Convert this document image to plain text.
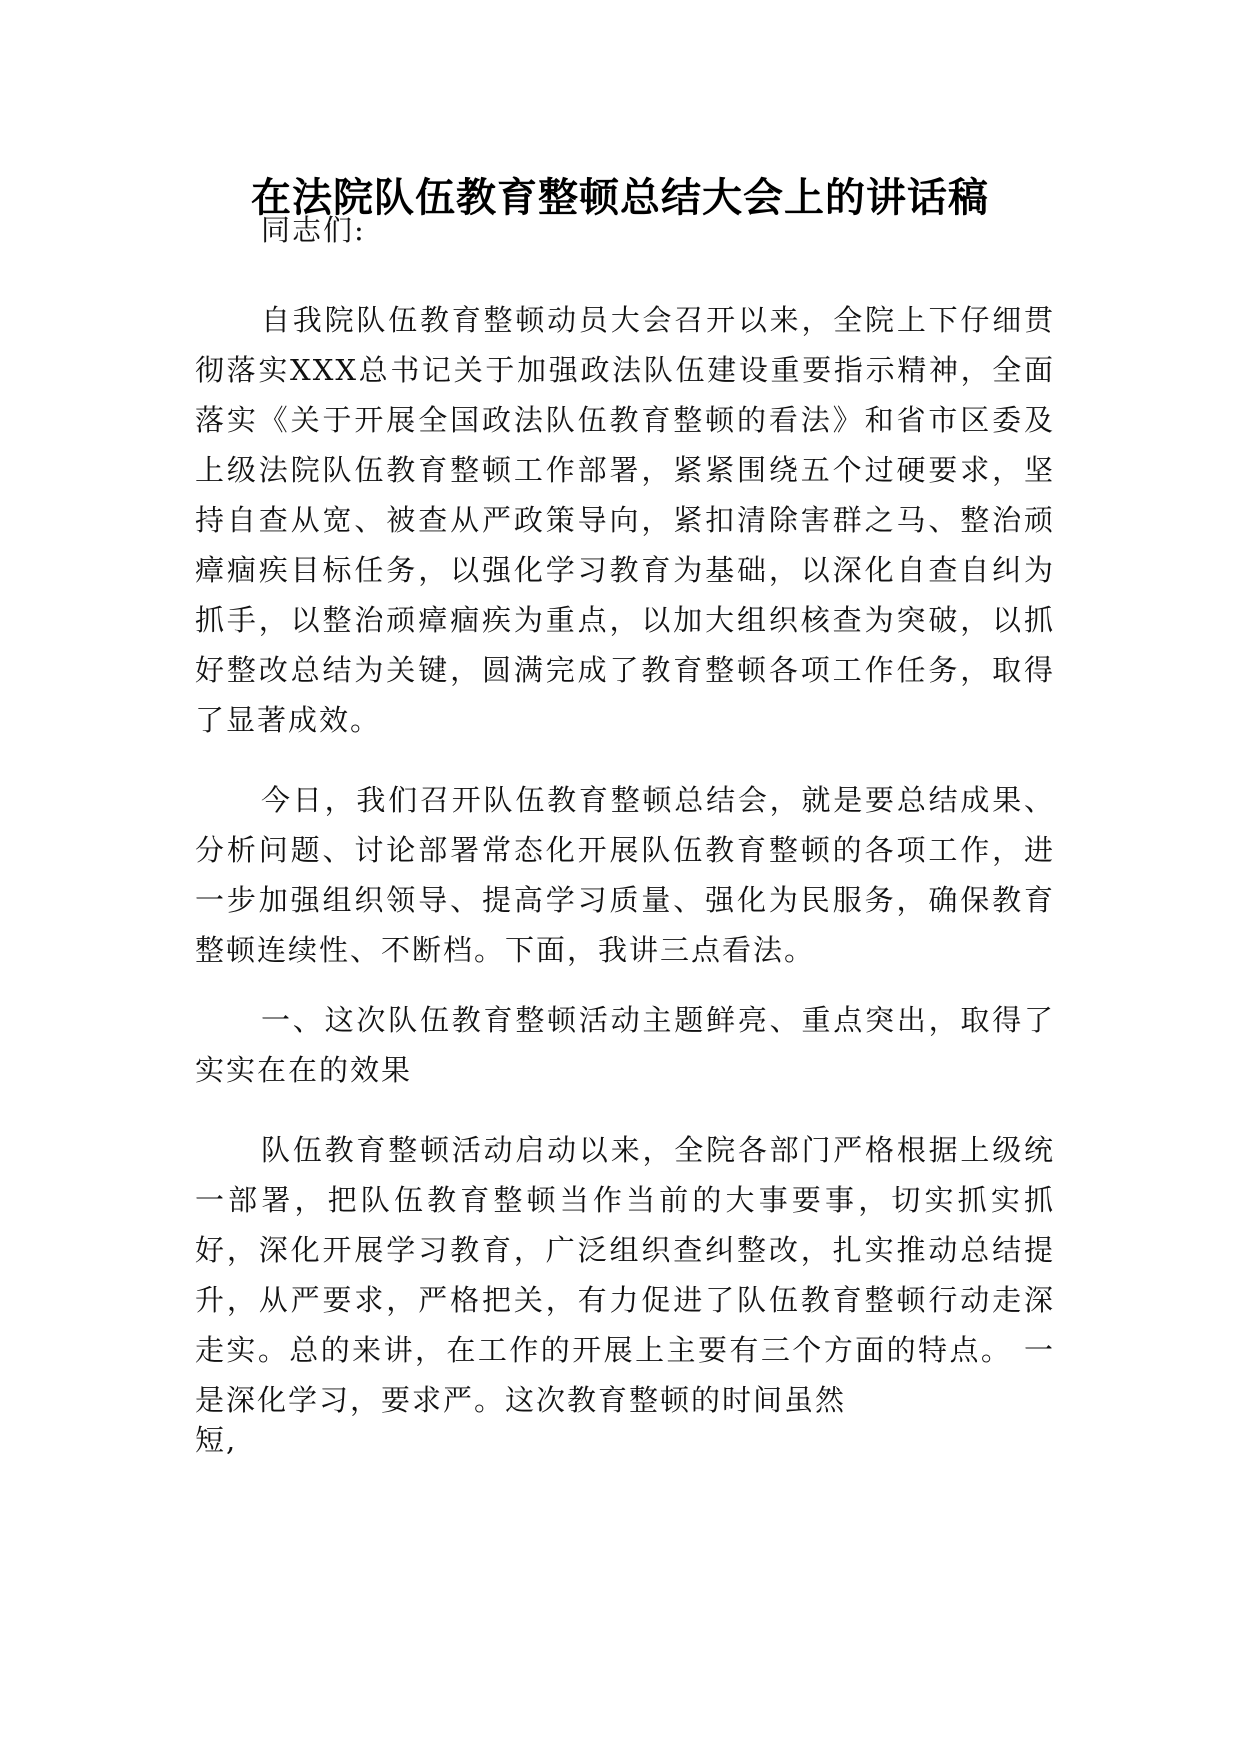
在法院队伍教育整顿总结大会上的讲话稿
同志们:
自我院队伍教育整顿动员大会召开以来，全院上下仔细贯彻落实XXX总书记关于加强政法队伍建设重要指示精神，全面落实《关于开展全国政法队伍教育整顿的看法》和省市区委及上级法院队伍教育整顿工作部署，紧紧围绕五个过硬要求，坚持自查从宽、被查从严政策导向，紧扣清除害群之马、整治顽瘴痼疾目标任务，以强化学习教育为基础，以深化自查自纠为抓手，以整治顽瘴痼疾为重点，以加大组织核查为突破，以抓好整改总结为关键，圆满完成了教育整顿各项工作任务，取得了显著成效。
今日，我们召开队伍教育整顿总结会，就是要总结成果、分析问题、讨论部署常态化开展队伍教育整顿的各项工作，进一步加强组织领导、提高学习质量、强化为民服务，确保教育整顿连续性、不断档。下面，我讲三点看法。
一、这次队伍教育整顿活动主题鲜亮、重点突出，取得了实实在在的效果
队伍教育整顿活动启动以来，全院各部门严格根据上级统一部署，把队伍教育整顿当作当前的大事要事，切实抓实抓好，深化开展学习教育，广泛组织查纠整改，扎实推动总结提升，从严要求，严格把关，有力促进了队伍教育整顿行动走深走实。总的来讲，在工作的开展上主要有三个方面的特点。 一是深化学习，要求严。这次教育整顿的时间虽然
短,
